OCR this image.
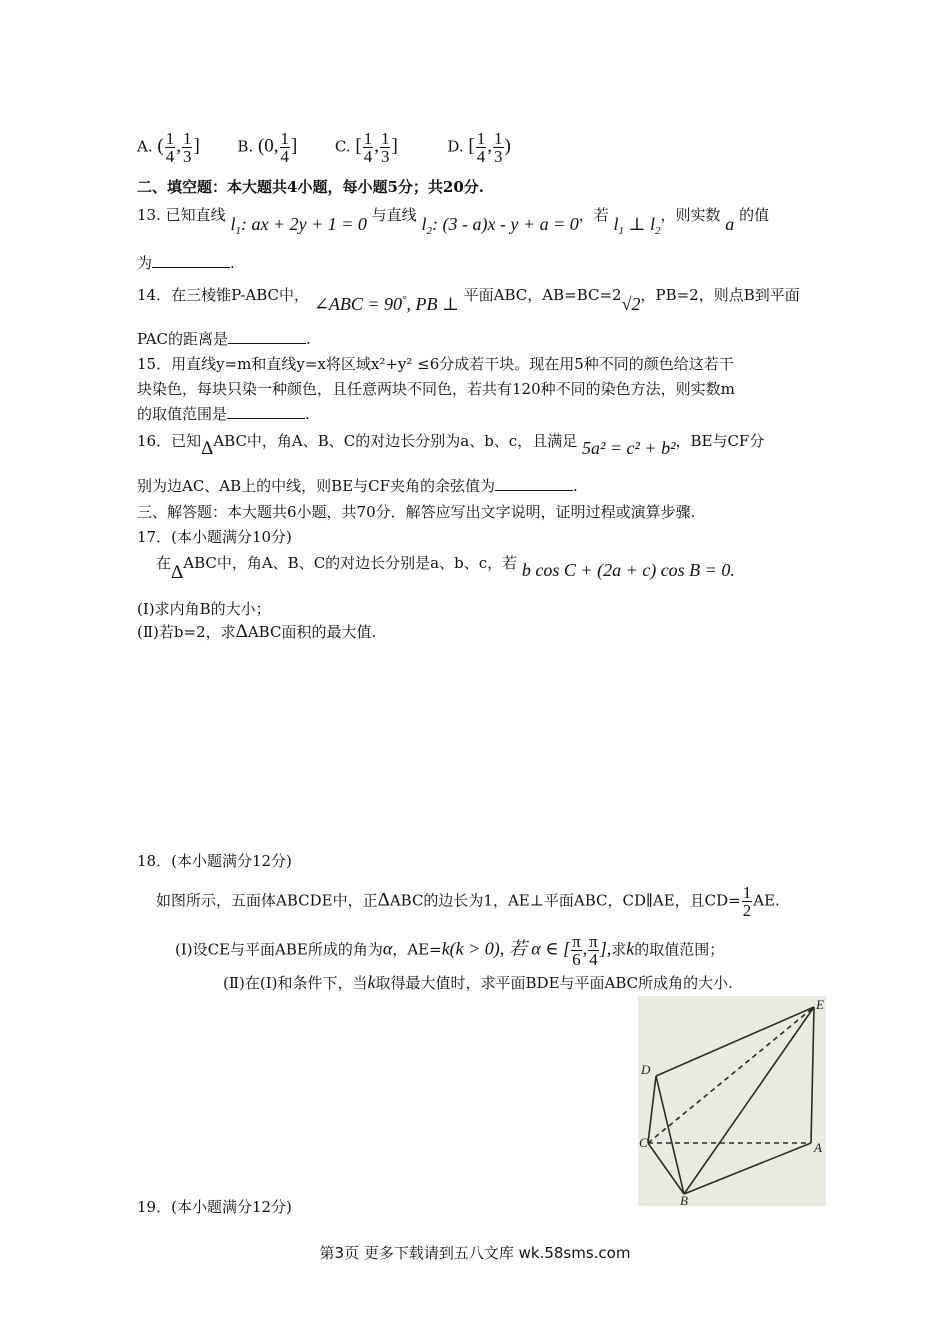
A. ( $\frac{1}{4}$ , $\frac{1}{3}$ ]	B. (0, $\frac{1}{4}$ ]	C. [ $\frac{1}{4}$ , $\frac{1}{3}$ ]	D. [ $\frac{1}{4}$ , $\frac{1}{3}$ )
二、填空题：本大题共4小题，每小题5分；共20分.
13. 已知直线 $l_1$: ax + 2y + 1 = 0 与直线 $l_2$: (3 - a)x - y + a = 0，若 $l_1$ ⊥ $l_2$，则实数 a 的值
为	.
14．在三棱锥P-ABC中， ∠ABC = 90°, PB ⊥ 平面ABC，AB=BC=2√2，PB=2，则点B到平面
PAC的距离是	.
15．用直线y=m和直线y=x将区域x²+y² ≤6分成若干块。现在用5种不同的颜色给这若干
块染色，每块只染一种颜色，且任意两块不同色，若共有120种不同的染色方法，则实数m
的取值范围是	.
16．已知ΔABC中，角A、B、C的对边长分别为a、b、c，且满足 5a² = c² + b²，BE与CF分
别为边AC、AB上的中线，则BE与CF夹角的余弦值为	.
三、解答题：本大题共6小题，共70分．解答应写出文字说明，证明过程或演算步骤.
17．(本小题满分10分)
在ΔABC中，角A、B、C的对边长分别是a、b、c，若 b cos C + (2a + c) cos B = 0.
(I)求内角B的大小；
(Ⅱ)若b=2，求ΔABC面积的最大值.
18．(本小题满分12分)
如图所示，五面体ABCDE中，正ΔABC的边长为1，AE⊥平面ABC，CD∥AE，且$CD= \frac{1}{2}$ AE.
(I)设CE与平面ABE所成的角为α，AE=k(k > 0), 若 α ∈ [ $\frac{\pi}{6}$ , $\frac{\pi}{4}$ ],求k的取值范围；
(Ⅱ)在(I)和条件下，当k取得最大值时，求平面BDE与平面ABC所成角的大小.
E
D
C	A
B
19．(本小题满分12分)
第3页 更多下载请到五八文库 wk.58sms.com
